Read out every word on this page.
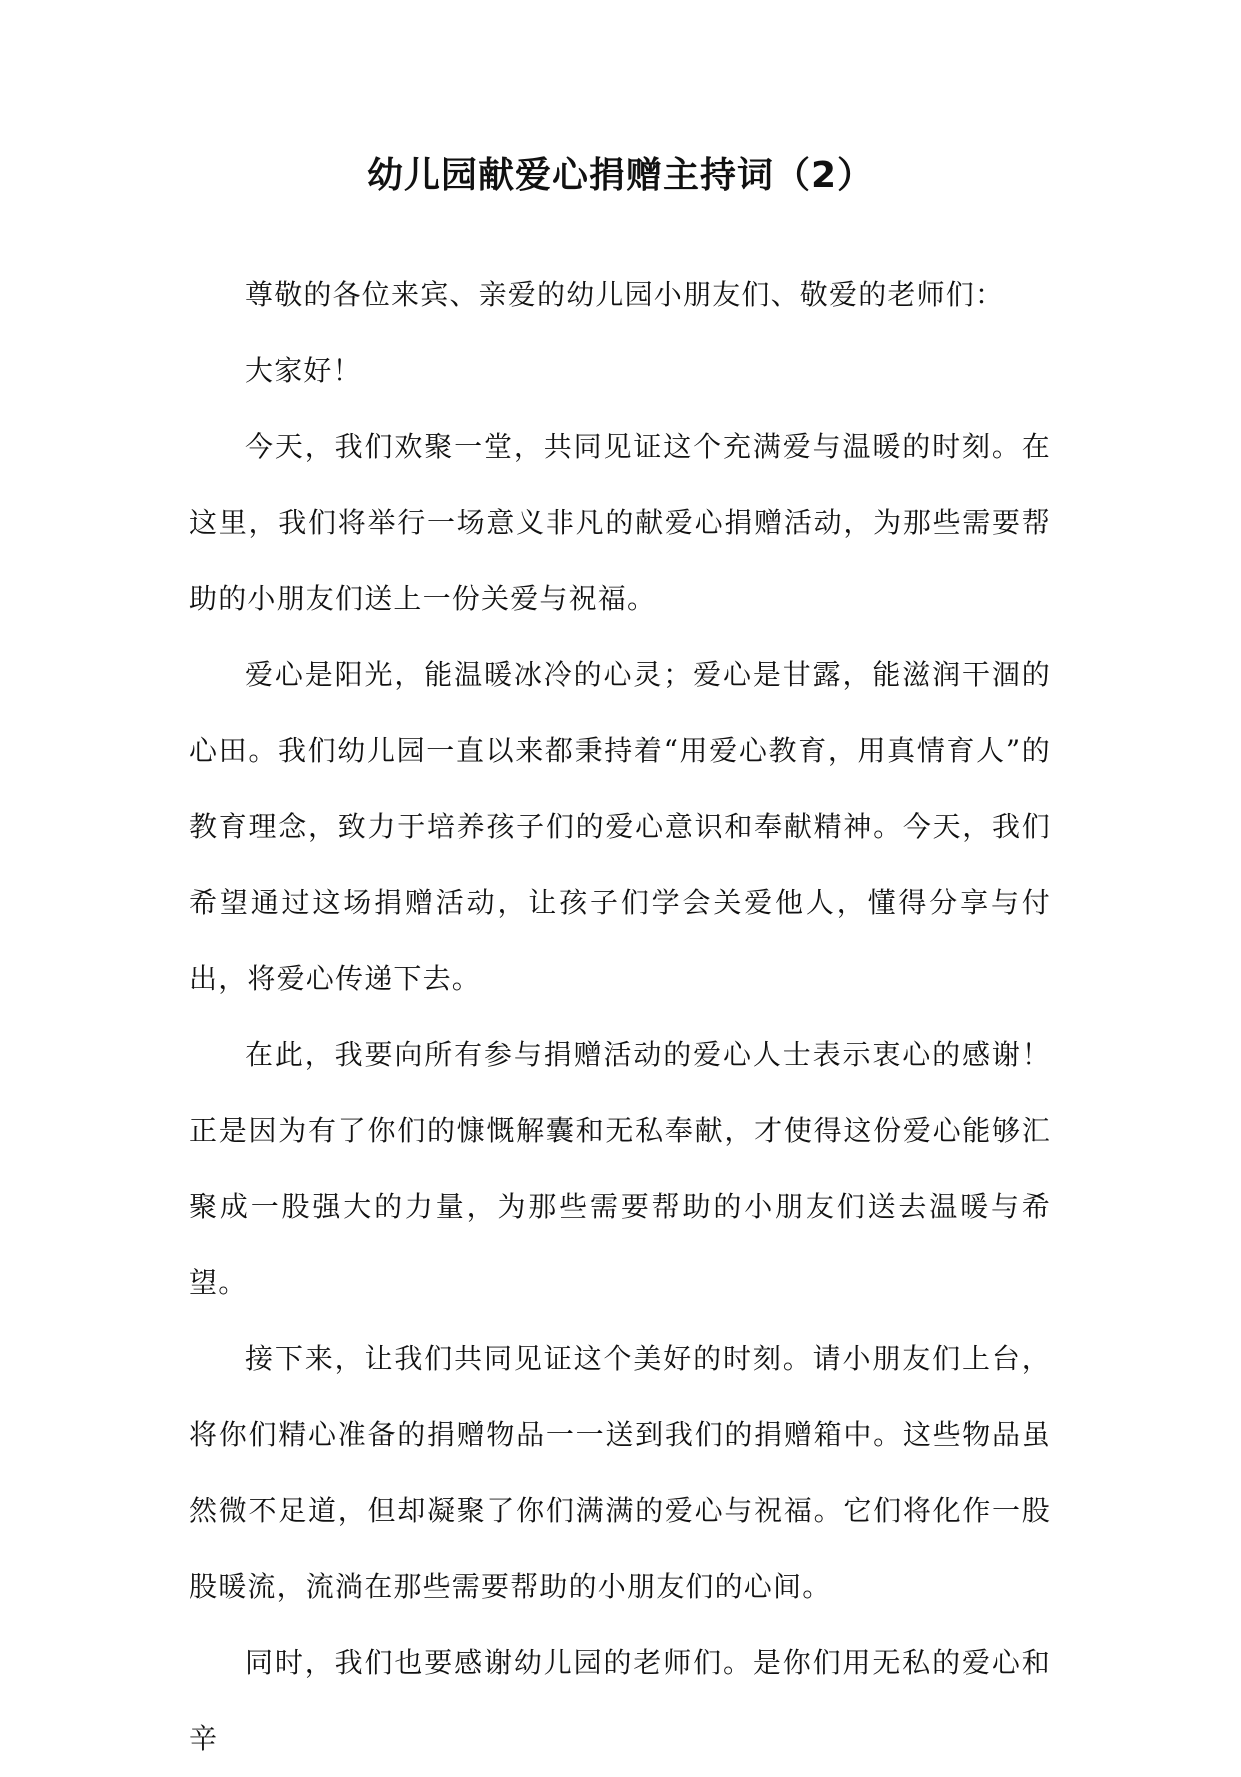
幼儿园献爱心捐赠主持词（2）

尊敬的各位来宾、亲爱的幼儿园小朋友们、敬爱的老师们：

大家好！

今天，我们欢聚一堂，共同见证这个充满爱与温暖的时刻。在这里，我们将举行一场意义非凡的献爱心捐赠活动，为那些需要帮助的小朋友们送上一份关爱与祝福。

爱心是阳光，能温暖冰冷的心灵；爱心是甘露，能滋润干涸的心田。我们幼儿园一直以来都秉持着“用爱心教育，用真情育人”的教育理念，致力于培养孩子们的爱心意识和奉献精神。今天，我们希望通过这场捐赠活动，让孩子们学会关爱他人，懂得分享与付出，将爱心传递下去。

在此，我要向所有参与捐赠活动的爱心人士表示衷心的感谢！正是因为有了你们的慷慨解囊和无私奉献，才使得这份爱心能够汇聚成一股强大的力量，为那些需要帮助的小朋友们送去温暖与希望。

接下来，让我们共同见证这个美好的时刻。请小朋友们上台，将你们精心准备的捐赠物品一一送到我们的捐赠箱中。这些物品虽然微不足道，但却凝聚了你们满满的爱心与祝福。它们将化作一股股暖流，流淌在那些需要帮助的小朋友们的心间。

同时，我们也要感谢幼儿园的老师们。是你们用无私的爱心和辛
